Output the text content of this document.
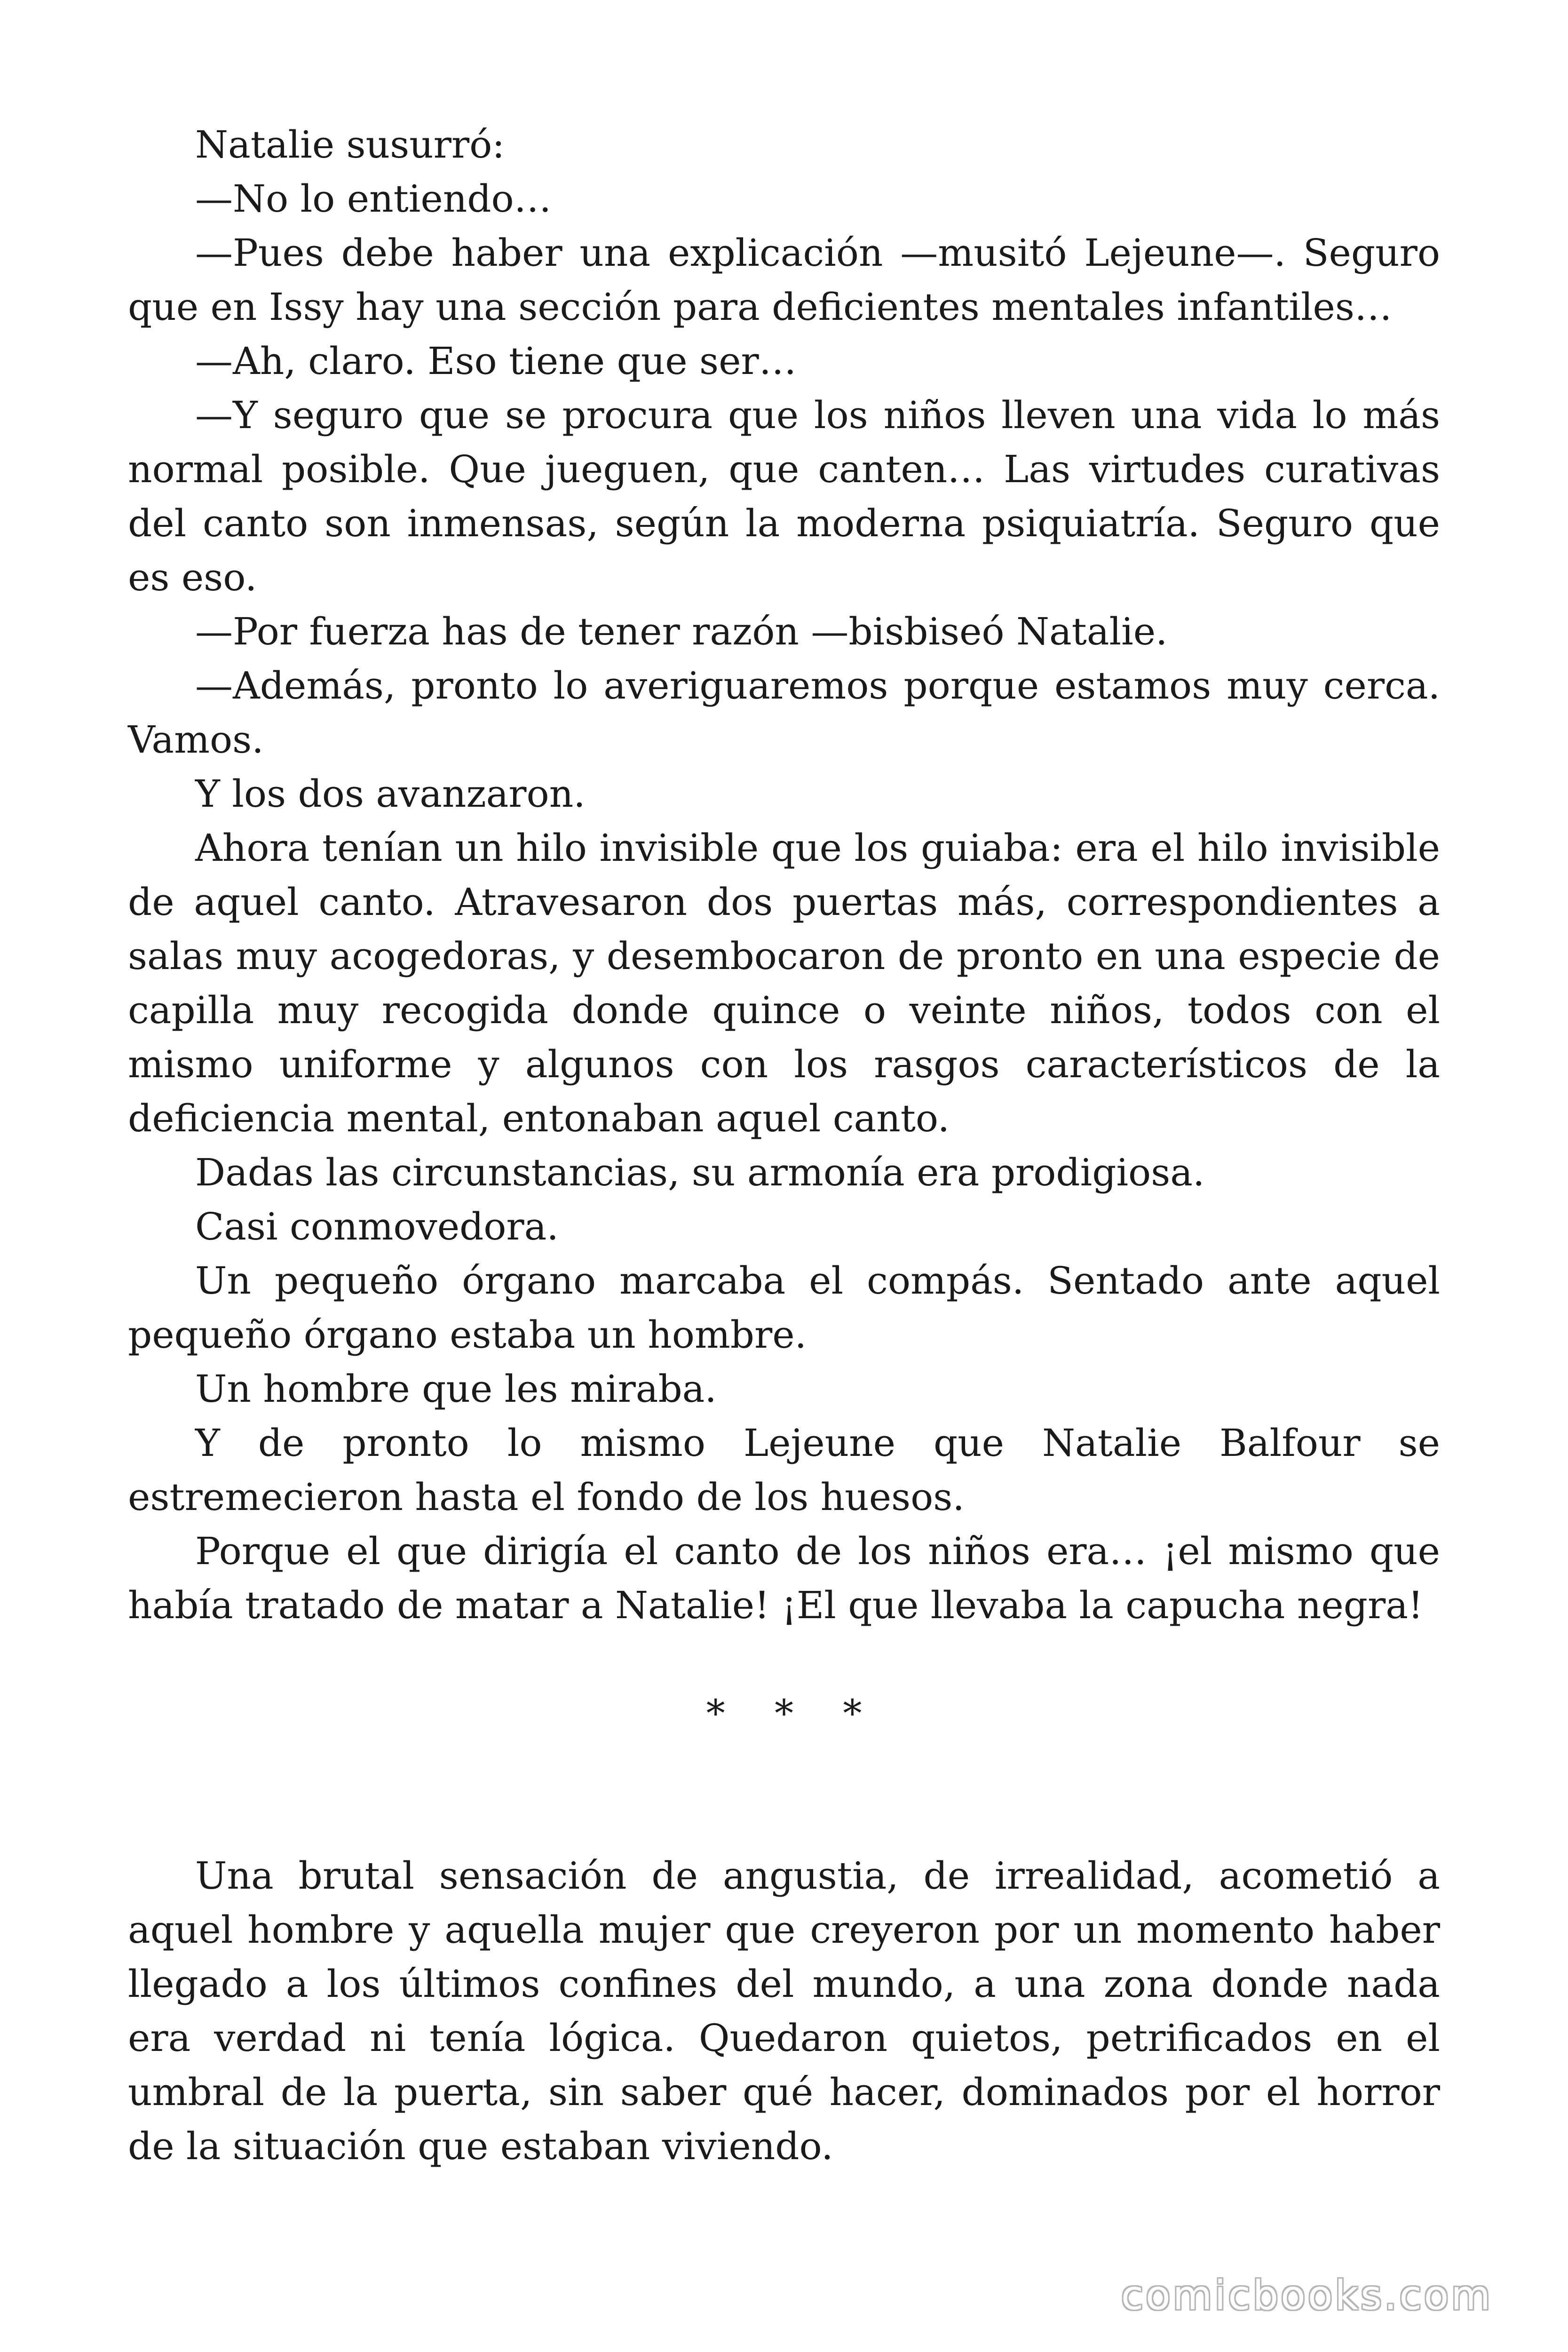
Natalie susurró:

—No lo entiendo…

—Pues debe haber una explicación —musitó Lejeune—. Seguro que en Issy hay una sección para deficientes mentales infantiles…

—Ah, claro. Eso tiene que ser…

—Y seguro que se procura que los niños lleven una vida lo más normal posible. Que jueguen, que canten… Las virtudes curativas del canto son inmensas, según la moderna psiquiatría. Seguro que es eso.

—Por fuerza has de tener razón —bisbiseó Natalie.

—Además, pronto lo averiguaremos porque estamos muy cerca. Vamos.

Y los dos avanzaron.

Ahora tenían un hilo invisible que los guiaba: era el hilo invisible de aquel canto. Atravesaron dos puertas más, correspondientes a salas muy acogedoras, y desembocaron de pronto en una especie de capilla muy recogida donde quince o veinte niños, todos con el mismo uniforme y algunos con los rasgos característicos de la deficiencia mental, entonaban aquel canto.

Dadas las circunstancias, su armonía era prodigiosa.

Casi conmovedora.

Un pequeño órgano marcaba el compás. Sentado ante aquel pequeño órgano estaba un hombre.

Un hombre que les miraba.

Y de pronto lo mismo Lejeune que Natalie Balfour se estremecieron hasta el fondo de los huesos.

Porque el que dirigía el canto de los niños era… ¡el mismo que había tratado de matar a Natalie! ¡El que llevaba la capucha negra!

* * *

Una brutal sensación de angustia, de irrealidad, acometió a aquel hombre y aquella mujer que creyeron por un momento haber llegado a los últimos confines del mundo, a una zona donde nada era verdad ni tenía lógica. Quedaron quietos, petrificados en el umbral de la puerta, sin saber qué hacer, dominados por el horror de la situación que estaban viviendo.

comicbooks.com
